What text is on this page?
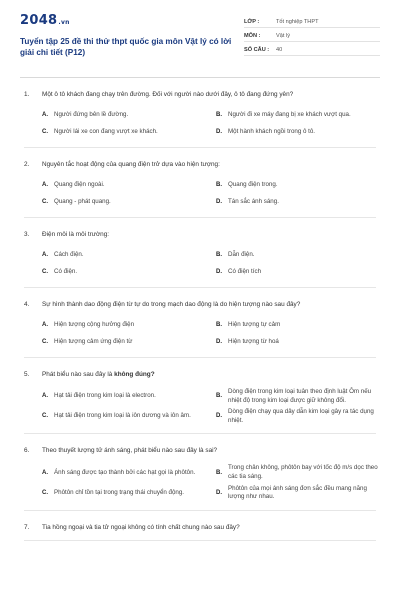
2048.vn
Tuyển tập 25 đề thi thử thpt quốc gia môn Vật lý có lời giải chi tiết (P12)
LỚP :	Tốt nghiệp THPT
MÔN :	Vật lý
SỐ CÂU :	40
1.	Một ô tô khách đang chạy trên đường. Đối với người nào dưới đây, ô tô đang đứng yên?
A. Người đứng bên lề đường.	B. Người đi xe máy đang bị xe khách vượt qua.
C. Người lái xe con đang vượt xe khách.	D. Một hành khách ngồi trong ô tô.
2.	Nguyên tắc hoạt động của quang điện trở dựa vào hiện tượng:
A. Quang điện ngoài.	B. Quang điện trong.
C. Quang - phát quang.	D. Tán sắc ánh sáng.
3.	Điện môi là môi trường:
A. Cách điện.	B. Dẫn điện.
C. Có điện.	D. Có điện tích
4.	Sự hình thành dao động điện từ tự do trong mạch dao động là do hiện tượng nào sau đây?
A. Hiện tượng cộng hưởng điện	B. Hiện tượng tự cảm
C. Hiện tượng cảm ứng điện từ	D. Hiện tượng từ hoá
5.	Phát biểu nào sau đây là không đúng?
A. Hạt tải điện trong kim loại là electron.	B.
Dòng điện trong kim loại tuân theo định luật Ôm nếu nhiệt độ trong kim loại được giữ không đổi.
C. Hạt tải điện trong kim loại là iôn dương và iôn âm.	D.
Dòng điện chạy qua dây dẫn kim loại gây ra tác dụng nhiệt.
6.	Theo thuyết lượng tử ánh sáng, phát biểu nào sau đây là sai?
A. Ánh sáng được tạo thành bởi các hạt gọi là phôtôn.	B.
Trong chân không, phôtôn bay với tốc độ m/s dọc theo các tia sáng.
C. Phôtôn chỉ tồn tại trong trạng thái chuyển động.	D.
Phôtôn của mọi ánh sáng đơn sắc đều mang năng lượng như nhau.
7.	Tia hồng ngoại và tia tử ngoại không có tính chất chung nào sau đây?
